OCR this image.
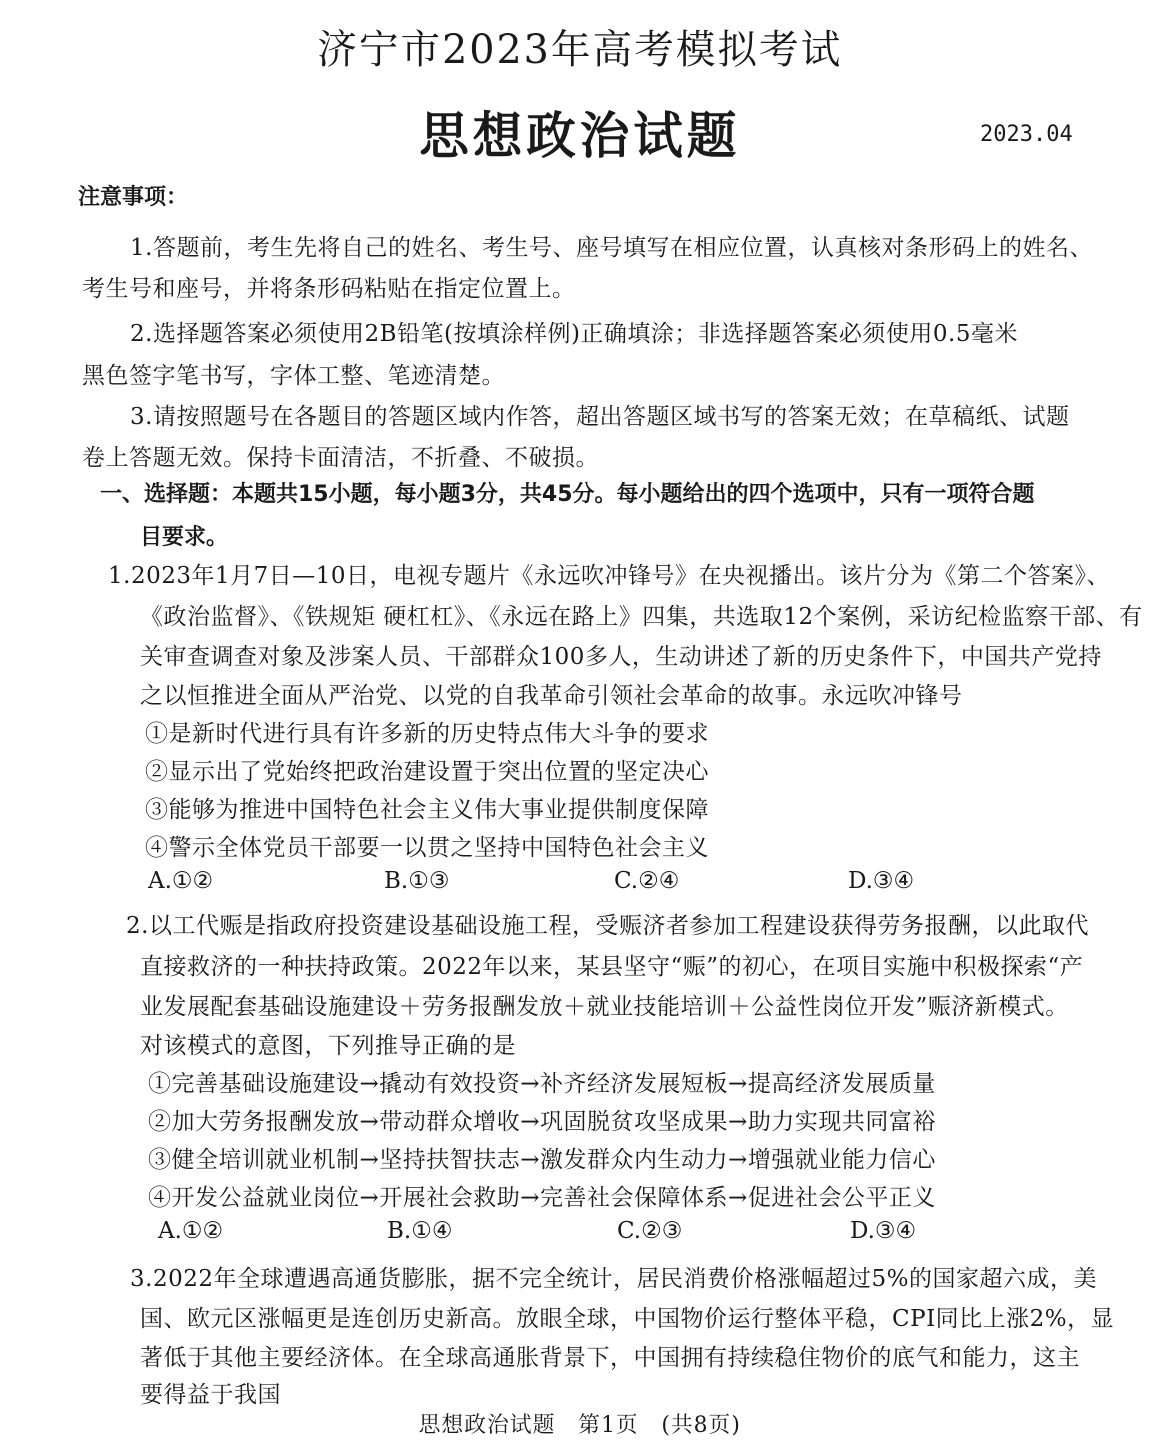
济宁市2023年高考模拟考试
思想政治试题	2023.04
注意事项：
1.答题前，考生先将自己的姓名、考生号、座号填写在相应位置，认真核对条形码上的姓名、
考生号和座号，并将条形码粘贴在指定位置上。
2.选择题答案必须使用2B铅笔(按填涂样例)正确填涂；非选择题答案必须使用0.5毫米
黑色签字笔书写，字体工整、笔迹清楚。
3.请按照题号在各题目的答题区域内作答，超出答题区域书写的答案无效；在草稿纸、试题
卷上答题无效。保持卡面清洁，不折叠、不破损。
一、选择题：本题共15小题，每小题3分，共45分。每小题给出的四个选项中，只有一项符合题
目要求。
1.2023年1月7日—10日，电视专题片《永远吹冲锋号》在央视播出。该片分为《第二个答案》、
《政治监督》、《铁规矩 硬杠杠》、《永远在路上》四集，共选取12个案例，采访纪检监察干部、有
关审查调查对象及涉案人员、干部群众100多人，生动讲述了新的历史条件下，中国共产党持
之以恒推进全面从严治党、以党的自我革命引领社会革命的故事。永远吹冲锋号
①是新时代进行具有许多新的历史特点伟大斗争的要求
②显示出了党始终把政治建设置于突出位置的坚定决心
③能够为推进中国特色社会主义伟大事业提供制度保障
④警示全体党员干部要一以贯之坚持中国特色社会主义
A.①②	B.①③	C.②④	D.③④
2.以工代赈是指政府投资建设基础设施工程，受赈济者参加工程建设获得劳务报酬，以此取代
直接救济的一种扶持政策。2022年以来，某县坚守“赈”的初心，在项目实施中积极探索“产
业发展配套基础设施建设＋劳务报酬发放＋就业技能培训＋公益性岗位开发”赈济新模式。
对该模式的意图，下列推导正确的是
①完善基础设施建设→撬动有效投资→补齐经济发展短板→提高经济发展质量
②加大劳务报酬发放→带动群众增收→巩固脱贫攻坚成果→助力实现共同富裕
③健全培训就业机制→坚持扶智扶志→激发群众内生动力→增强就业能力信心
④开发公益就业岗位→开展社会救助→完善社会保障体系→促进社会公平正义
A.①②	B.①④	C.②③	D.③④
3.2022年全球遭遇高通货膨胀，据不完全统计，居民消费价格涨幅超过5%的国家超六成，美
国、欧元区涨幅更是连创历史新高。放眼全球，中国物价运行整体平稳，CPI同比上涨2%，显
著低于其他主要经济体。在全球高通胀背景下，中国拥有持续稳住物价的底气和能力，这主
要得益于我国
思想政治试题　第1页　(共8页)
